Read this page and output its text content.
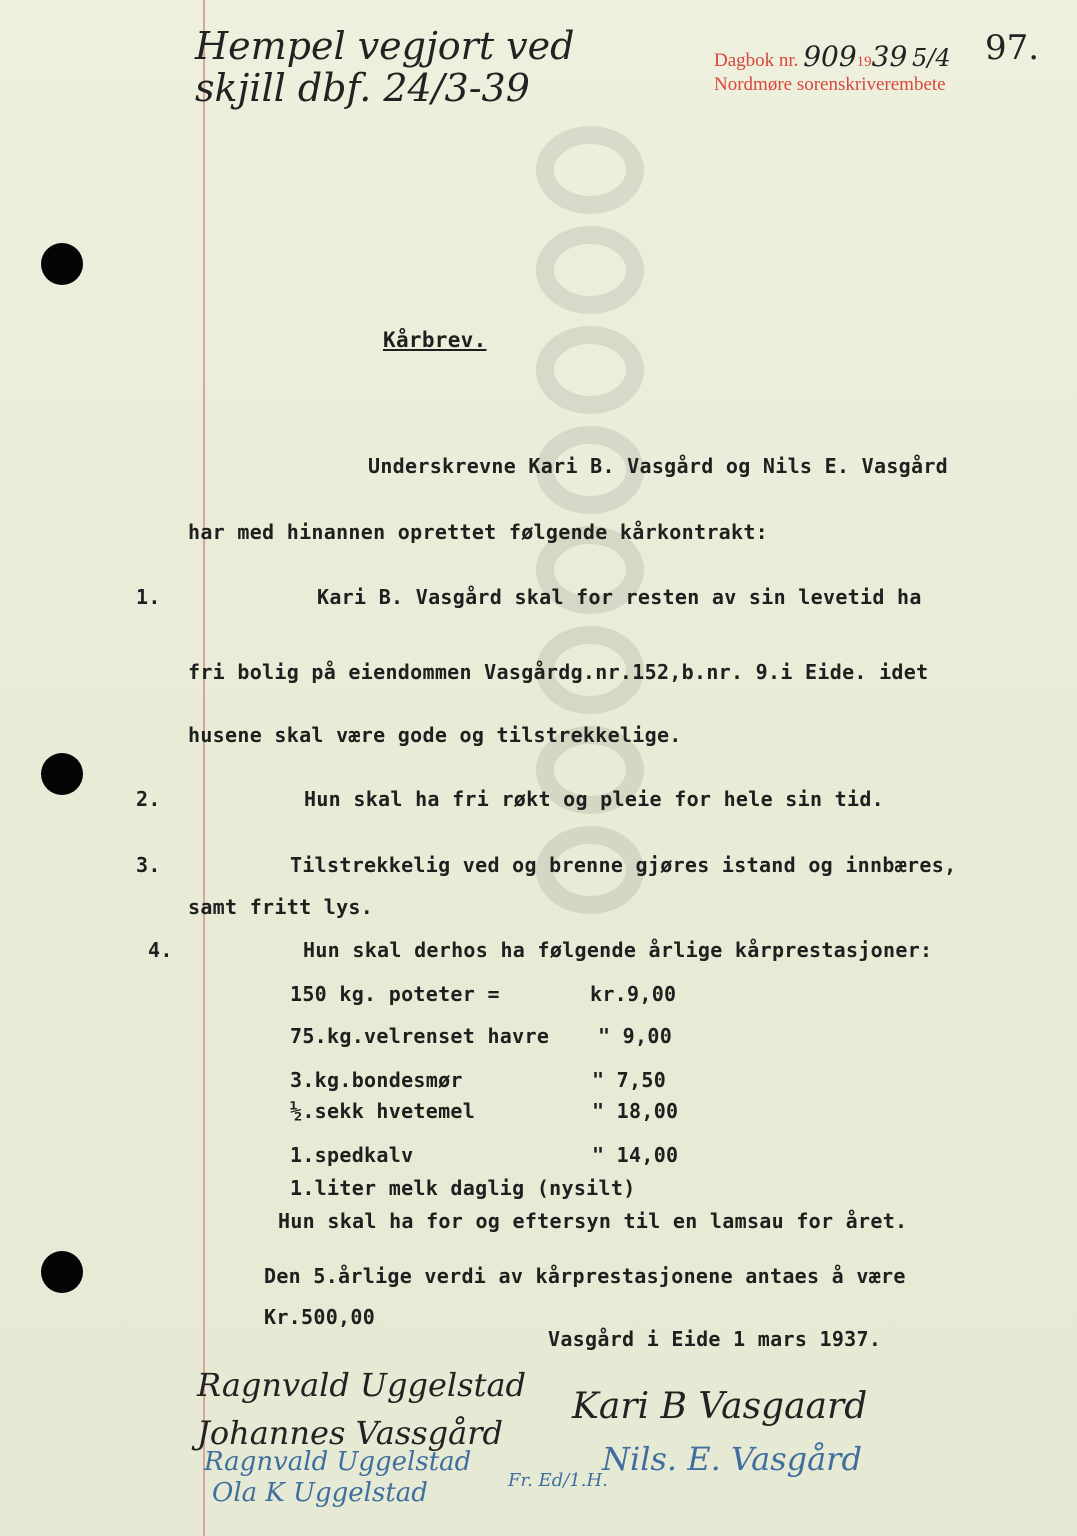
Hempel vegjort ved
skjill dbf. 24/3-39
Dagbok nr. 9091939 5/4
Nordmøre sorenskriverembete
97.
Kårbrev.
Underskrevne Kari B. Vasgård og Nils E. Vasgård
har med hinannen oprettet følgende kårkontrakt:
1.	Kari B. Vasgård skal for resten av sin levetid ha
fri bolig på eiendommen Vasgårdg.nr.152,b.nr. 9.i Eide. idet
husene skal være gode og tilstrekkelige.
2.	Hun skal ha fri røkt og pleie for hele sin tid.
3.	Tilstrekkelig ved og brenne gjøres istand og innbæres,
samt fritt lys.
4.	Hun skal derhos ha følgende årlige kårprestasjoner:
150 kg. poteter =	kr.9,00
75.kg.velrenset havre " 9,00
3.kg.bondesmør	" 7,50
½.sekk hvetemel	" 18,00
1.spedkalv	" 14,00
1.liter melk daglig (nysilt)
Hun skal ha for og eftersyn til en lamsau for året.
Den 5.årlige verdi av kårprestasjonene antaes å være
Kr.500,00
Vasgård i Eide 1 mars 1937.
Ragnvald Uggelstad
Johannes Vassgård
Ragnvald Uggelstad
Ola K Uggelstad
Kari B Vasgaard
Fr. Ed/1.H.
Nils. E. Vasgård
